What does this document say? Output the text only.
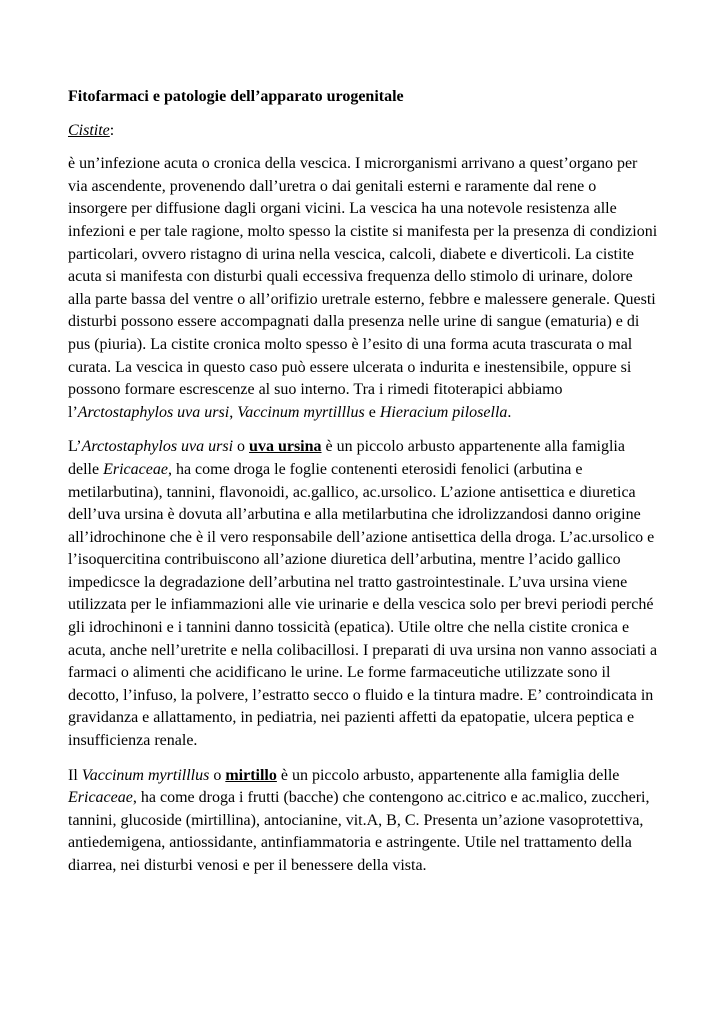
Fitofarmaci e patologie dell’apparato urogenitale
Cistite:

è un’infezione acuta o cronica della vescica. I microrganismi arrivano a quest’organo per via ascendente, provenendo dall’uretra o dai genitali esterni e raramente dal rene o insorgere per diffusione dagli organi vicini. La vescica ha una notevole resistenza alle infezioni e per tale ragione, molto spesso la cistite si manifesta per la presenza di condizioni particolari, ovvero ristagno di urina nella vescica, calcoli, diabete e diverticoli. La cistite acuta si manifesta con disturbi quali eccessiva frequenza dello stimolo di urinare, dolore alla parte bassa del ventre o all’orifizio uretrale esterno, febbre e malessere generale. Questi disturbi possono essere accompagnati dalla presenza nelle urine di sangue (ematuria) e di pus (piuria). La cistite cronica molto spesso è l’esito di una forma acuta trascurata o mal curata. La vescica in questo caso può essere ulcerata o indurita e inestensibile, oppure si possono formare escrescenze al suo interno. Tra i rimedi fitoterapici abbiamo l’Arctostaphylos uva ursi, Vaccinum myrtilllus e Hieracium pilosella.

L’Arctostaphylos uva ursi o uva ursina è un piccolo arbusto appartenente alla famiglia delle Ericaceae, ha come droga le foglie contenenti eterosidi fenolici (arbutina e metilarbutina), tannini, flavonoidi, ac.gallico, ac.ursolico. L’azione antisettica e diuretica dell’uva ursina è dovuta all’arbutina e alla metilarbutina che idrolizzandosi danno origine all’idrochinone che è il vero responsabile dell’azione antisettica della droga. L’ac.ursolico e l’isoquercitina contribuiscono all’azione diuretica dell’arbutina, mentre l’acido gallico impedicsce la degradazione dell’arbutina nel tratto gastrointestinale. L’uva ursina viene utilizzata per le infiammazioni alle vie urinarie e della vescica solo per brevi periodi perché gli idrochinoni e i tannini danno tossicità (epatica). Utile oltre che nella cistite cronica e acuta, anche nell’uretrite e nella colibacillosi. I preparati di uva ursina non vanno associati a farmaci o alimenti che acidificano le urine. Le forme farmaceutiche utilizzate sono il decotto, l’infuso, la polvere, l’estratto secco o fluido e la tintura madre. E’ controindicata in gravidanza e allattamento, in pediatria, nei pazienti affetti da epatopatie, ulcera peptica e insufficienza renale.

Il Vaccinum myrtilllus o mirtillo è un piccolo arbusto, appartenente alla famiglia delle Ericaceae, ha come droga i frutti (bacche) che contengono ac.citrico e ac.malico, zuccheri, tannini, glucoside (mirtillina), antocianine, vit.A, B, C. Presenta un’azione vasoprotettiva, antiedemigena, antiossidante, antinfiammatoria e astringente. Utile nel trattamento della diarrea, nei disturbi venosi e per il benessere della vista.
